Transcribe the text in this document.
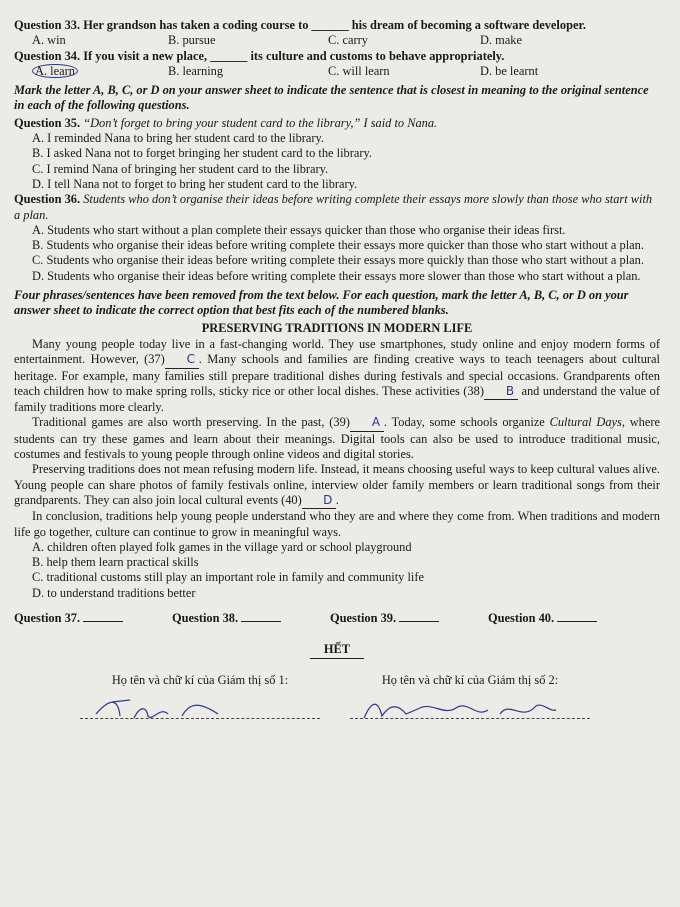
Question 33. Her grandson has taken a coding course to ______ his dream of becoming a software developer.

A. win	B. pursue	C. carry	D. make

Question 34. If you visit a new place, ______ its culture and customs to behave appropriately.

A. learn	B. learning	C. will learn	D. be learnt

Mark the letter A, B, C, or D on your answer sheet to indicate the sentence that is closest in meaning to the original sentence in each of the following questions.

Question 35. “Don’t forget to bring your student card to the library,” I said to Nana.

A. I reminded Nana to bring her student card to the library.

B. I asked Nana not to forget bringing her student card to the library.

C. I remind Nana of bringing her student card to the library.

D. I tell Nana not to forget to bring her student card to the library.

Question 36. Students who don’t organise their ideas before writing complete their essays more slowly than those who start with a plan.

A. Students who start without a plan complete their essays quicker than those who organise their ideas first.

B. Students who organise their ideas before writing complete their essays more quicker than those who start without a plan.

C. Students who organise their ideas before writing complete their essays more quickly than those who start without a plan.

D. Students who organise their ideas before writing complete their essays more slower than those who start without a plan.

Four phrases/sentences have been removed from the text below. For each question, mark the letter A, B, C, or D on your answer sheet to indicate the correct option that best fits each of the numbered blanks.

PRESERVING TRADITIONS IN MODERN LIFE

Many young people today live in a fast-changing world. They use smartphones, study online and enjoy modern forms of entertainment. However, (37) C . Many schools and families are finding creative ways to teach teenagers about cultural heritage. For example, many families still prepare traditional dishes during festivals and special occasions. Grandparents often teach children how to make spring rolls, sticky rice or other local dishes. These activities (38) B and understand the value of family traditions more clearly.

Traditional games are also worth preserving. In the past, (39) A . Today, some schools organize Cultural Days, where students can try these games and learn about their meanings. Digital tools can also be used to introduce traditional music, costumes and festivals to young people through online videos and digital stories.

Preserving traditions does not mean refusing modern life. Instead, it means choosing useful ways to keep cultural values alive. Young people can share photos of family festivals online, interview older family members or learn traditional songs from their grandparents. They can also join local cultural events (40) D .

In conclusion, traditions help young people understand who they are and where they come from. When traditions and modern life go together, culture can continue to grow in meaningful ways.

A. children often played folk games in the village yard or school playground

B. help them learn practical skills

C. traditional customs still play an important role in family and community life

D. to understand traditions better

Question 37.	Question 38.	Question 39.	Question 40.

HẾT

Họ tên và chữ kí của Giám thị số 1:	Họ tên và chữ kí của Giám thị số 2:
